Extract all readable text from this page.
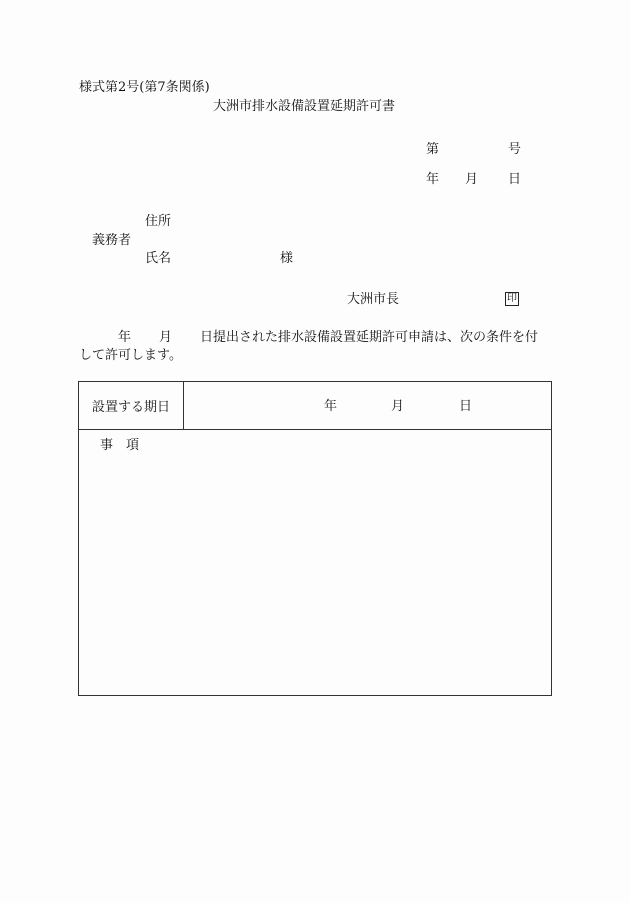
様式第2号(第7条関係)
大洲市排水設備設置延期許可書
第	号
年 月 日
住所
義務者
氏名	様
大洲市長	印
年 月 日提出された排水設備設置延期許可申請は、次の条件を付
して許可します。
設置する期日	年	月	日
事　項
